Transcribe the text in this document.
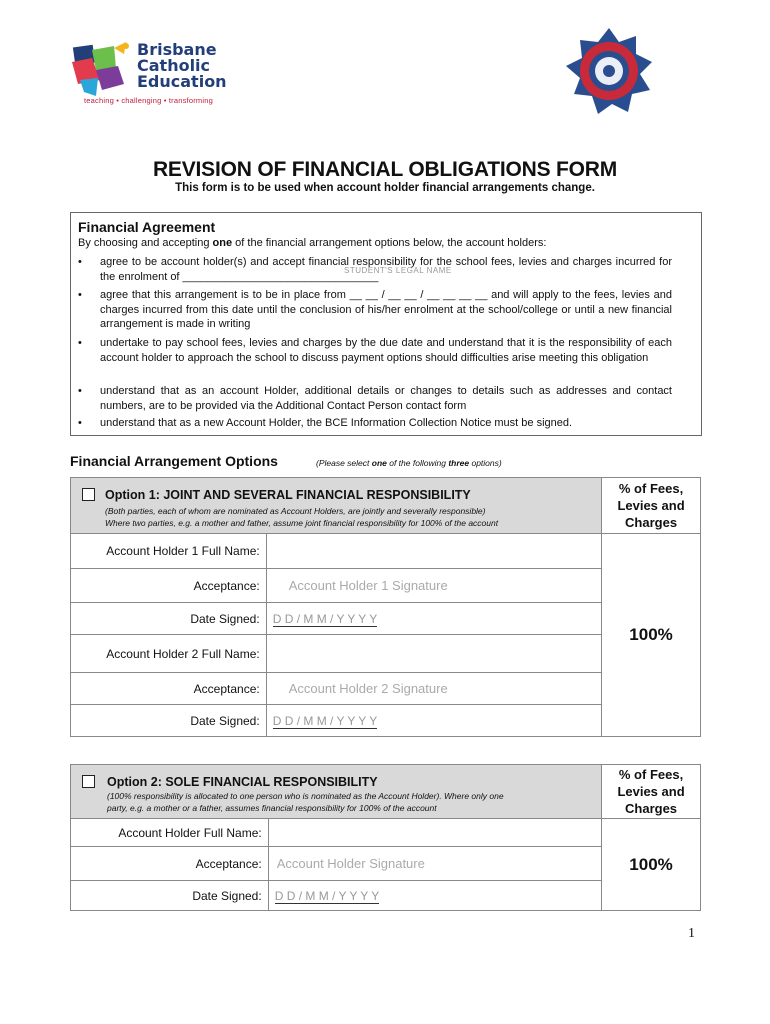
Brisbane
Catholic
Education
teaching • challenging • transforming
REVISION OF FINANCIAL OBLIGATIONS FORM
This form is to be used when account holder financial arrangements change.
Financial Agreement
By choosing and accepting one of the financial arrangement options below, the account holders:
• agree to be account holder(s) and accept financial responsibility for the school fees, levies and charges incurred for the enrolment of ________________________________
STUDENT'S LEGAL NAME
• agree that this arrangement is to be in place from __ __ / __ __ / __ __ __ __ and will apply to the fees, levies and charges incurred from this date until the conclusion of his/her enrolment at the school/college or until a new financial arrangement is made in writing
• undertake to pay school fees, levies and charges by the due date and understand that it is the responsibility of each account holder to approach the school to discuss payment options should difficulties arise meeting this obligation
• understand that as an account Holder, additional details or changes to details such as addresses and contact numbers, are to be provided via the Additional Contact Person contact form
• understand that as a new Account Holder, the BCE Information Collection Notice must be signed.
Financial Arrangement Options	(Please select one of the following three options)
Option 1: JOINT AND SEVERAL FINANCIAL RESPONSIBILITY
(Both parties, each of whom are nominated as Account Holders, are jointly and severally responsible)
Where two parties, e.g. a mother and father, assume joint financial responsibility for 100% of the account		% of Fees, Levies and Charges
Account Holder 1 Full Name:		100%
Acceptance:	Account Holder 1 Signature	
Date Signed:	D D / M M / Y Y Y Y	
Account Holder 2 Full Name:		
Acceptance:	Account Holder 2 Signature	
Date Signed:	D D / M M / Y Y Y Y	
Option 2: SOLE FINANCIAL RESPONSIBILITY
(100% responsibility is allocated to one person who is nominated as the Account Holder). Where only one
party, e.g. a mother or a father, assumes financial responsibility for 100% of the account		% of Fees, Levies and Charges
Account Holder Full Name:		100%
Acceptance:	Account Holder Signature	
Date Signed:	D D / M M / Y Y Y Y	
1
